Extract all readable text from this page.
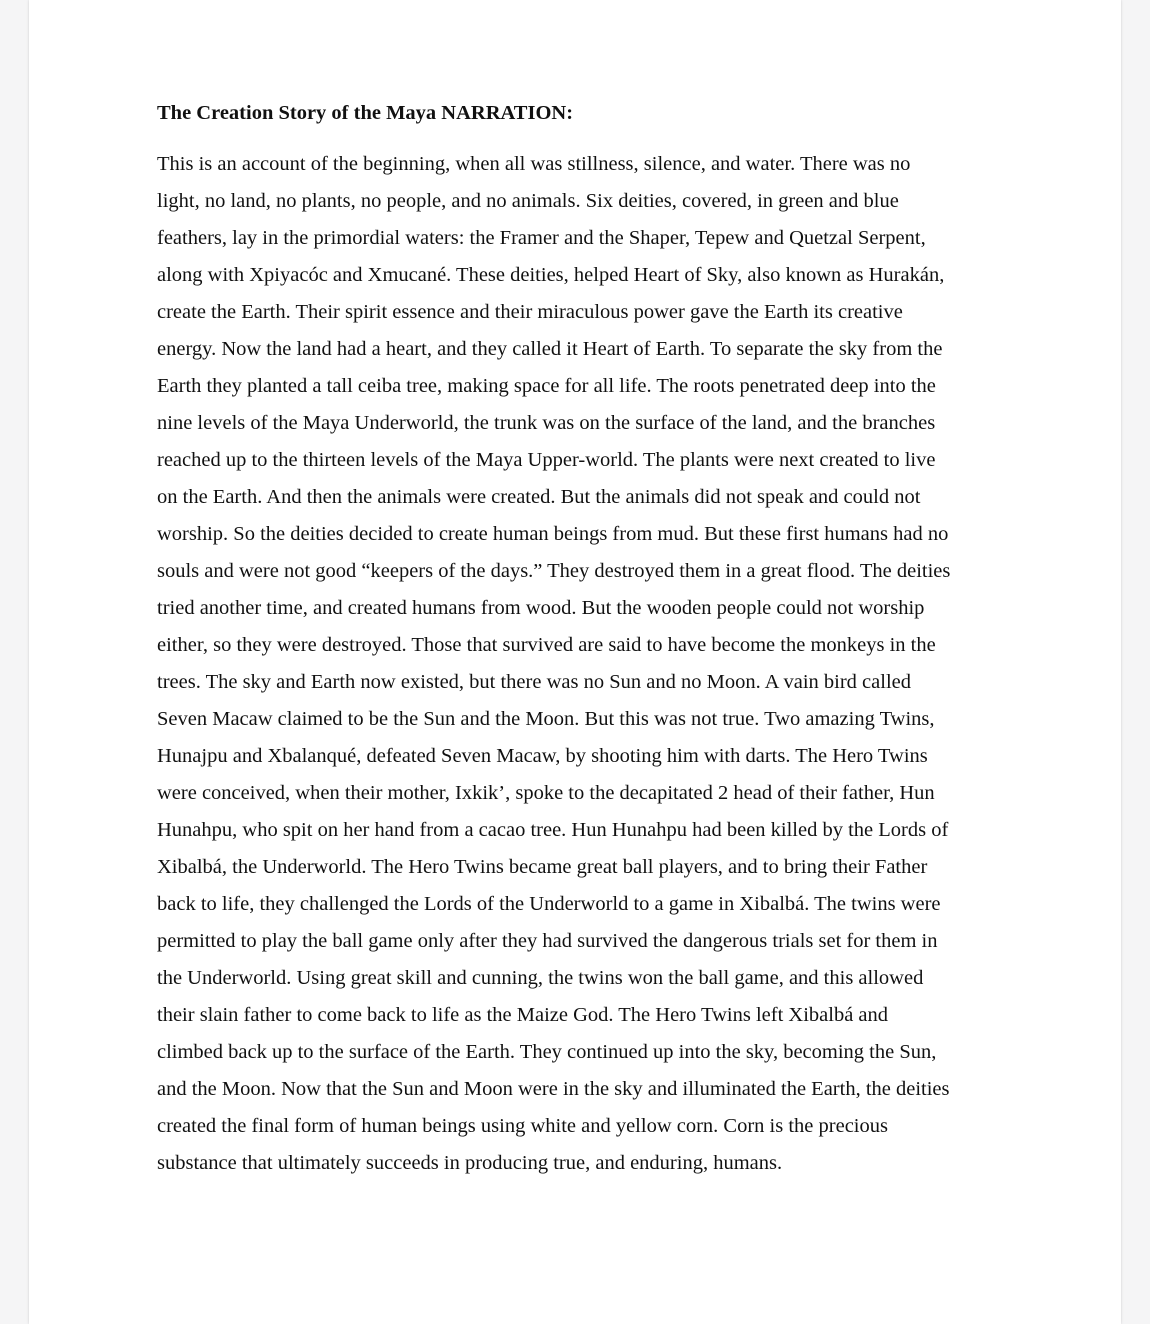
The Creation Story of the Maya NARRATION:
This is an account of the beginning, when all was stillness, silence, and water. There was no
light, no land, no plants, no people, and no animals. Six deities, covered, in green and blue
feathers, lay in the primordial waters: the Framer and the Shaper, Tepew and Quetzal Serpent,
along with Xpiyacóc and Xmucané. These deities, helped Heart of Sky, also known as Hurakán,
create the Earth. Their spirit essence and their miraculous power gave the Earth its creative
energy. Now the land had a heart, and they called it Heart of Earth. To separate the sky from the
Earth they planted a tall ceiba tree, making space for all life. The roots penetrated deep into the
nine levels of the Maya Underworld, the trunk was on the surface of the land, and the branches
reached up to the thirteen levels of the Maya Upper-world. The plants were next created to live
on the Earth. And then the animals were created. But the animals did not speak and could not
worship. So the deities decided to create human beings from mud. But these first humans had no
souls and were not good “keepers of the days.” They destroyed them in a great flood. The deities
tried another time, and created humans from wood. But the wooden people could not worship
either, so they were destroyed. Those that survived are said to have become the monkeys in the
trees. The sky and Earth now existed, but there was no Sun and no Moon. A vain bird called
Seven Macaw claimed to be the Sun and the Moon. But this was not true. Two amazing Twins,
Hunajpu and Xbalanqué, defeated Seven Macaw, by shooting him with darts. The Hero Twins
were conceived, when their mother, Ixkik’, spoke to the decapitated 2 head of their father, Hun
Hunahpu, who spit on her hand from a cacao tree. Hun Hunahpu had been killed by the Lords of
Xibalbá, the Underworld. The Hero Twins became great ball players, and to bring their Father
back to life, they challenged the Lords of the Underworld to a game in Xibalbá. The twins were
permitted to play the ball game only after they had survived the dangerous trials set for them in
the Underworld. Using great skill and cunning, the twins won the ball game, and this allowed
their slain father to come back to life as the Maize God. The Hero Twins left Xibalbá and
climbed back up to the surface of the Earth. They continued up into the sky, becoming the Sun,
and the Moon. Now that the Sun and Moon were in the sky and illuminated the Earth, the deities
created the final form of human beings using white and yellow corn. Corn is the precious
substance that ultimately succeeds in producing true, and enduring, humans.
